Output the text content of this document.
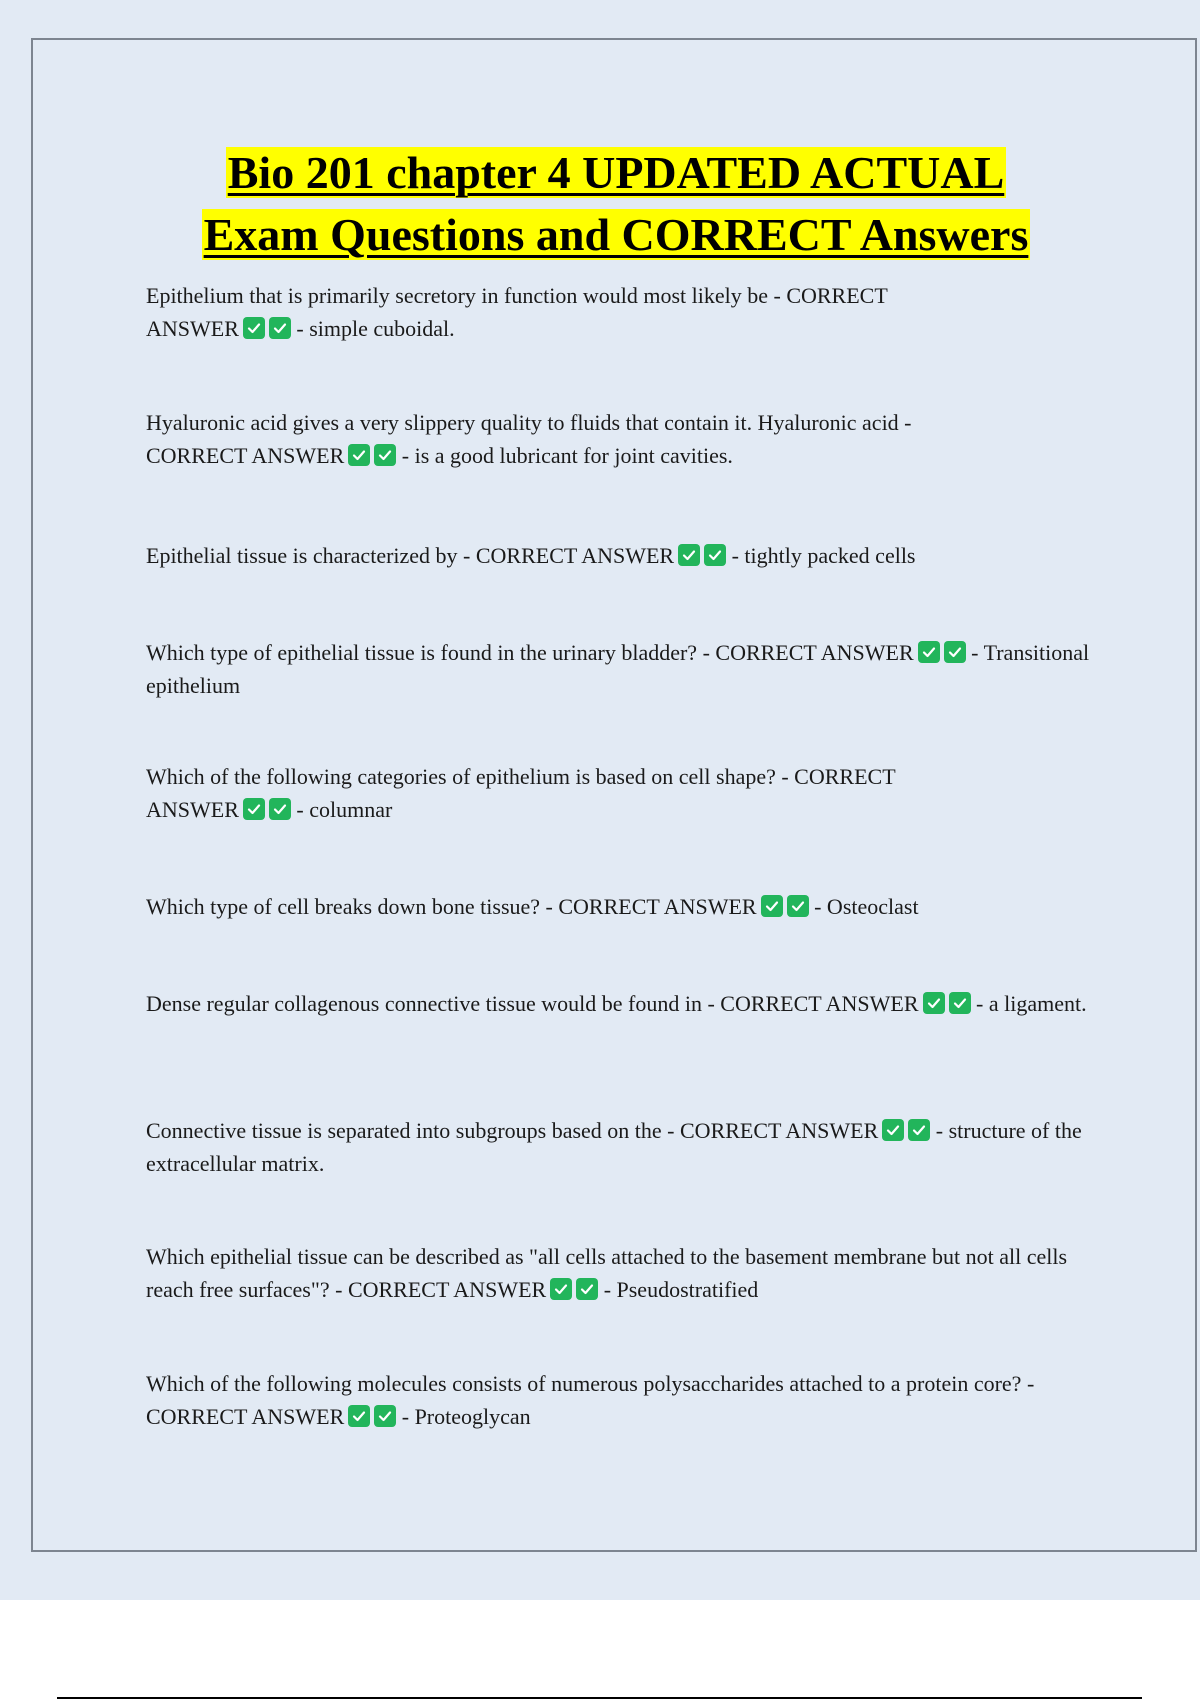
Bio 201 chapter 4 UPDATED ACTUAL
Exam Questions and CORRECT Answers
Epithelium that is primarily secretory in function would most likely be - CORRECT
ANSWER	- simple cuboidal.
Hyaluronic acid gives a very slippery quality to fluids that contain it. Hyaluronic acid -
CORRECT ANSWER	- is a good lubricant for joint cavities.
Epithelial tissue is characterized by - CORRECT ANSWER	- tightly packed cells
Which type of epithelial tissue is found in the urinary bladder? - CORRECT ANSWER	- Transitional epithelium
Which of the following categories of epithelium is based on cell shape? - CORRECT
ANSWER	- columnar
Which type of cell breaks down bone tissue? - CORRECT ANSWER	- Osteoclast
Dense regular collagenous connective tissue would be found in - CORRECT ANSWER	- a ligament.
Connective tissue is separated into subgroups based on the - CORRECT ANSWER	- structure of the extracellular matrix.
Which epithelial tissue can be described as "all cells attached to the basement membrane but not all cells reach free surfaces"? - CORRECT ANSWER	- Pseudostratified
Which of the following molecules consists of numerous polysaccharides attached to a protein core? - CORRECT ANSWER	- Proteoglycan
